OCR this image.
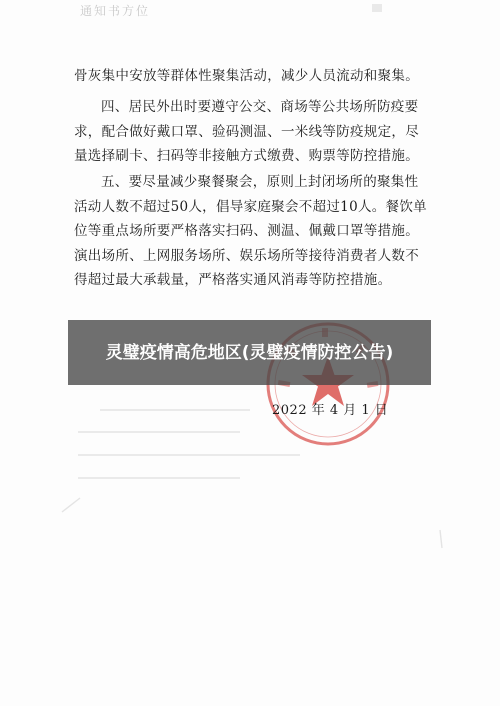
通知书方位

骨灰集中安放等群体性聚集活动，减少人员流动和聚集。

四、居民外出时要遵守公交、商场等公共场所防疫要求，配合做好戴口罩、验码测温、一米线等防疫规定，尽量选择刷卡、扫码等非接触方式缴费、购票等防控措施。

五、要尽量减少聚餐聚会，原则上封闭场所的聚集性活动人数不超过50人，倡导家庭聚会不超过10人。餐饮单位等重点场所要严格落实扫码、测温、佩戴口罩等措施。演出场所、上网服务场所、娱乐场所等接待消费者人数不得超过最大承载量，严格落实通风消毒等防控措施。

2022 年 4 月 1 日

灵璧疫情高危地区(灵璧疫情防控公告)
